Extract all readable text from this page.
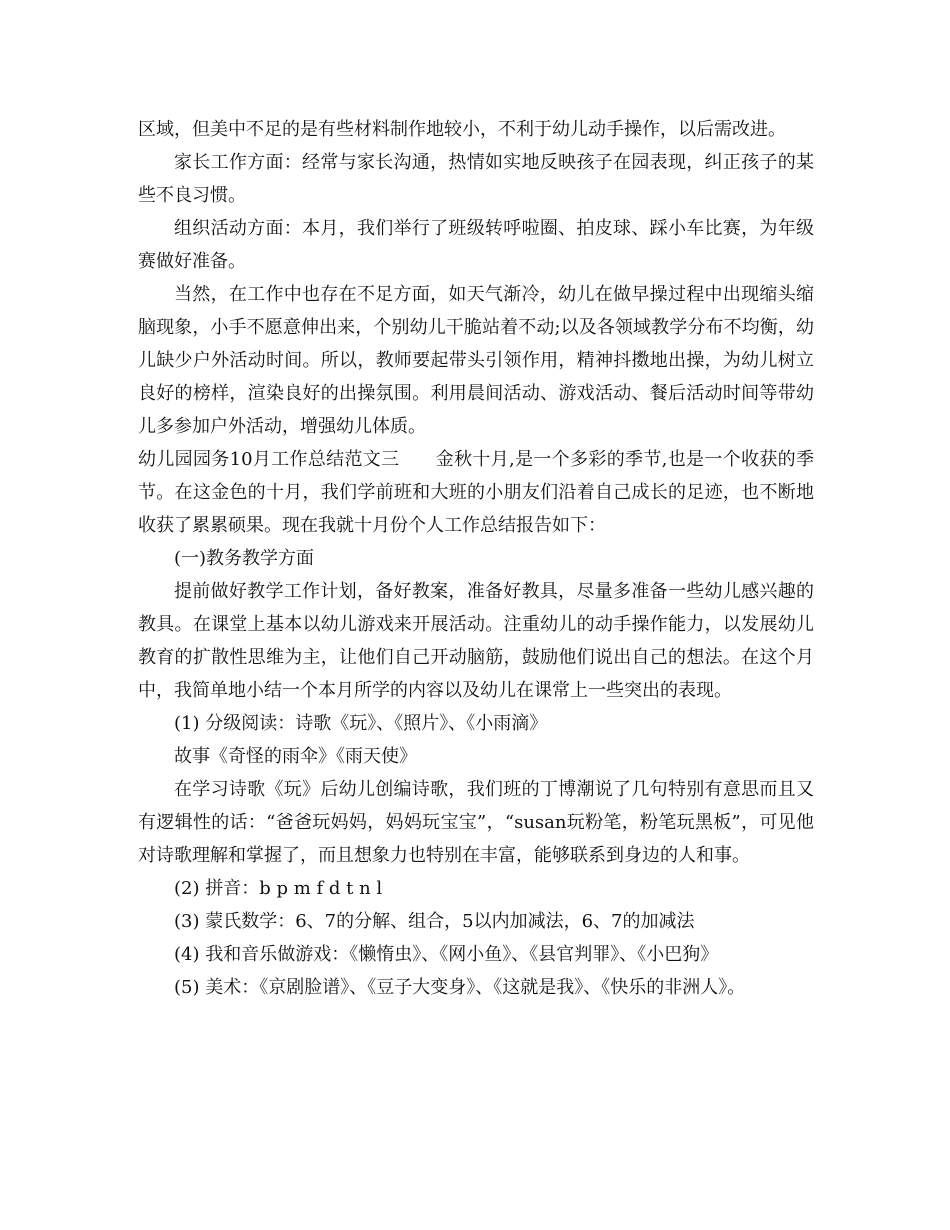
区域，但美中不足的是有些材料制作地较小，不利于幼儿动手操作，以后需改进。

家长工作方面：经常与家长沟通，热情如实地反映孩子在园表现，纠正孩子的某些不良习惯。

组织活动方面：本月，我们举行了班级转呼啦圈、拍皮球、踩小车比赛，为年级赛做好准备。

当然，在工作中也存在不足方面，如天气渐冷，幼儿在做早操过程中出现缩头缩脑现象，小手不愿意伸出来，个别幼儿干脆站着不动;以及各领域教学分布不均衡，幼儿缺少户外活动时间。所以，教师要起带头引领作用，精神抖擞地出操，为幼儿树立良好的榜样，渲染良好的出操氛围。利用晨间活动、游戏活动、餐后活动时间等带幼儿多参加户外活动，增强幼儿体质。

幼儿园园务10月工作总结范文三 金秋十月,是一个多彩的季节,也是一个收获的季节。在这金色的十月，我们学前班和大班的小朋友们沿着自己成长的足迹，也不断地收获了累累硕果。现在我就十月份个人工作总结报告如下：

(一)教务教学方面

提前做好教学工作计划，备好教案，准备好教具，尽量多准备一些幼儿感兴趣的教具。在课堂上基本以幼儿游戏来开展活动。注重幼儿的动手操作能力，以发展幼儿教育的扩散性思维为主，让他们自己开动脑筋，鼓励他们说出自己的想法。在这个月中，我简单地小结一个本月所学的内容以及幼儿在课常上一些突出的表现。

(1) 分级阅读：诗歌《玩》、《照片》、《小雨滴》

故事《奇怪的雨伞》《雨天使》

在学习诗歌《玩》后幼儿创编诗歌，我们班的丁博潮说了几句特别有意思而且又有逻辑性的话：“爸爸玩妈妈，妈妈玩宝宝”，“susan玩粉笔，粉笔玩黑板”，可见他对诗歌理解和掌握了，而且想象力也特别在丰富，能够联系到身边的人和事。

(2) 拼音：b p m f d t n l

(3) 蒙氏数学：6、7的分解、组合，5以内加减法，6、7的加减法

(4) 我和音乐做游戏：《懒惰虫》、《网小鱼》、《县官判罪》、《小巴狗》

(5) 美术：《京剧脸谱》、《豆子大变身》、《这就是我》、《快乐的非洲人》。
